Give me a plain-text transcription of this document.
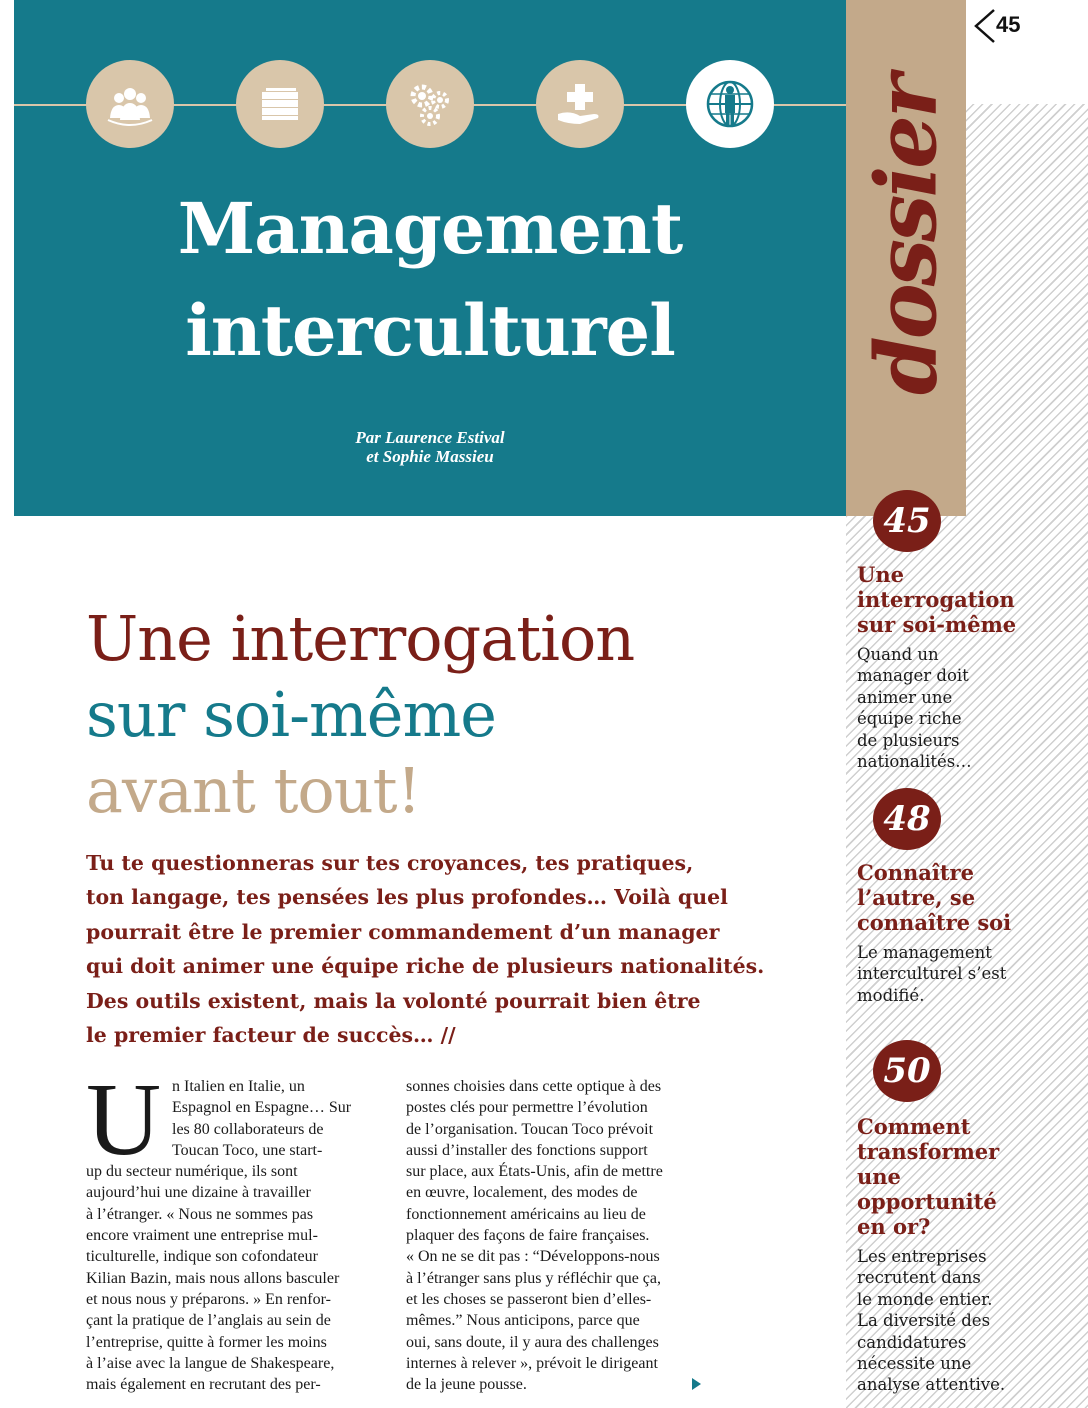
dossier
45
Management
interculturel
Par Laurence Estival
et Sophie Massieu
45
Une
interrogation
sur soi-même
Quand un
manager doit
animer une
équipe riche
de plusieurs
nationalités…
48
Connaître
l’autre, se
connaître soi
Le management
interculturel s’est
modifié.
50
Comment
transformer
une
opportunité
en or?
Les entreprises
recrutent dans
le monde entier.
La diversité des
candidatures
nécessite une
analyse attentive.
Une interrogation
sur soi-même
avant tout!
Tu te questionneras sur tes croyances, tes pratiques,
ton langage, tes pensées les plus profondes… Voilà quel
pourrait être le premier commandement d’un manager
qui doit animer une équipe riche de plusieurs nationalités.
Des outils existent, mais la volonté pourrait bien être
le premier facteur de succès… //
U n Italien en Italie, un
Espagnol en Espagne… Sur
les 80 collaborateurs de
Toucan Toco, une start-
up du secteur numérique, ils sont
aujourd’hui une dizaine à travailler
à l’étranger. « Nous ne sommes pas
encore vraiment une entreprise mul-
ticulturelle, indique son cofondateur
Kilian Bazin, mais nous allons basculer
et nous nous y préparons. » En renfor-
çant la pratique de l’anglais au sein de
l’entreprise, quitte à former les moins
à l’aise avec la langue de Shakespeare,
mais également en recrutant des per-
sonnes choisies dans cette optique à des
postes clés pour permettre l’évolution
de l’organisation. Toucan Toco prévoit
aussi d’installer des fonctions support
sur place, aux États-Unis, afin de mettre
en œuvre, localement, des modes de
fonctionnement américains au lieu de
plaquer des façons de faire françaises.
« On ne se dit pas : “Développons-nous
à l’étranger sans plus y réfléchir que ça,
et les choses se passeront bien d’elles-
mêmes.” Nous anticipons, parce que
oui, sans doute, il y aura des challenges
internes à relever », prévoit le dirigeant
de la jeune pousse.
